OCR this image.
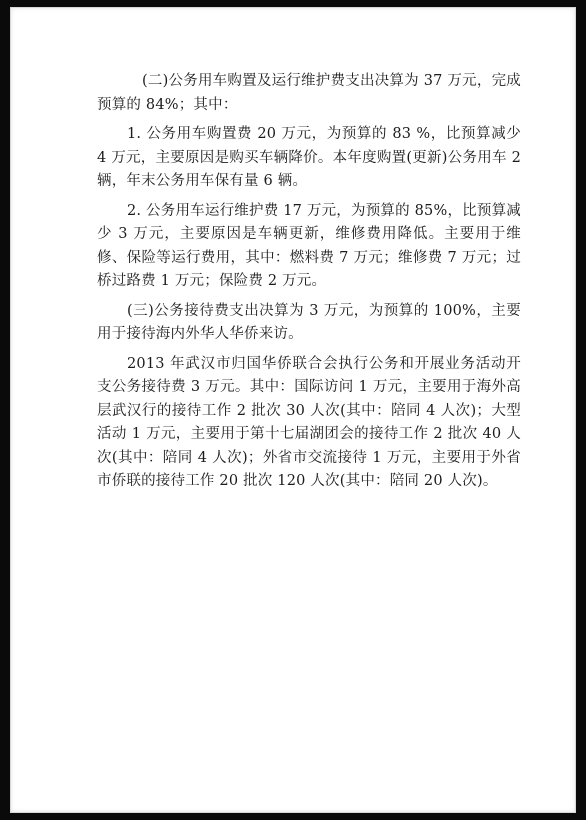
(二)公务用车购置及运行维护费支出决算为 37 万元，完成预算的 84%；其中：

1. 公务用车购置费 20 万元，为预算的 83 %，比预算减少 4 万元，主要原因是购买车辆降价。本年度购置(更新)公务用车 2 辆，年末公务用车保有量 6 辆。

2. 公务用车运行维护费 17 万元，为预算的 85%，比预算减少 3 万元，主要原因是车辆更新，维修费用降低。主要用于维修、保险等运行费用，其中：燃料费 7 万元；维修费 7 万元；过桥过路费 1 万元；保险费 2 万元。

(三)公务接待费支出决算为 3 万元，为预算的 100%，主要用于接待海内外华人华侨来访。

2013 年武汉市归国华侨联合会执行公务和开展业务活动开支公务接待费 3 万元。其中：国际访问 1 万元，主要用于海外高层武汉行的接待工作 2 批次 30 人次(其中：陪同 4 人次)；大型活动 1 万元，主要用于第十七届湖团会的接待工作 2 批次 40 人次(其中：陪同 4 人次)；外省市交流接待 1 万元，主要用于外省市侨联的接待工作 20 批次 120 人次(其中：陪同 20 人次)。
